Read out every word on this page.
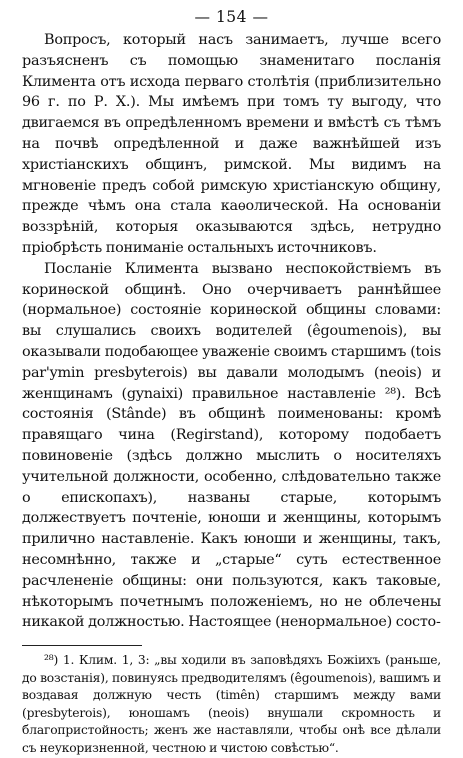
— 154 —

Вопросъ, который насъ занимаетъ, лучше всего разъясненъ съ помощью знаменитаго посланія Климента отъ исхода перваго столѣтія (приблизительно 96 г. по Р. Х.). Мы имѣемъ при томъ ту выгоду, что двигаемся въ опредѣленномъ времени и вмѣстѣ съ тѣмъ на почвѣ опредѣленной и даже важнѣйшей изъ христіанскихъ общинъ, римской. Мы видимъ на мгновеніе предъ собой римскую христіанскую общину, прежде чѣмъ она стала каѳолической. На основаніи воззрѣній, которыя оказываются здѣсь, нетрудно пріобрѣсть пониманіе остальныхъ источниковъ.

Посланіе Климента вызвано неспокойствіемъ въ коринѳской общинѣ. Оно очерчиваетъ раннѣйшее (нормальное) состояніе коринѳской общины словами: вы слушались своихъ водителей (êgoumenois), вы оказывали подобающее уваженіе своимъ старшимъ (tois par'ymin presbyterois) вы давали молодымъ (neois) и женщинамъ (gynaixi) правильное наставленіе ²⁸). Всѣ состоянія (Stânde) въ общинѣ поименованы: кромѣ правящаго чина (Regirstand), которому подобаетъ повиновеніе (здѣсь должно мыслить о носителяхъ учительной должности, особенно, слѣдовательно также о епископахъ), названы старые, которымъ должествуетъ почтеніе, юноши и женщины, которымъ прилично наставленіе. Какъ юноши и женщины, такъ, несомнѣнно, также и „старые“ суть естественное расчлененіе общины: они пользуются, какъ таковые, нѣкоторымъ почетнымъ положеніемъ, но не облечены никакой должностью. Настоящее (ненормальное) состо-

²⁸) 1. Клим. 1, 3: „вы ходили въ заповѣдяхъ Божіихъ (раньше, до возстанія), повинуясь предводителямъ (êgoumenois), вашимъ и воздавая должную честь (timên) старшимъ между вами (presbyterois), юношамъ (neois) внушали скромность и благопристойность; женъ же наставляли, чтобы онѣ все дѣлали съ неукоризненной, честною и чистою совѣстью“.
